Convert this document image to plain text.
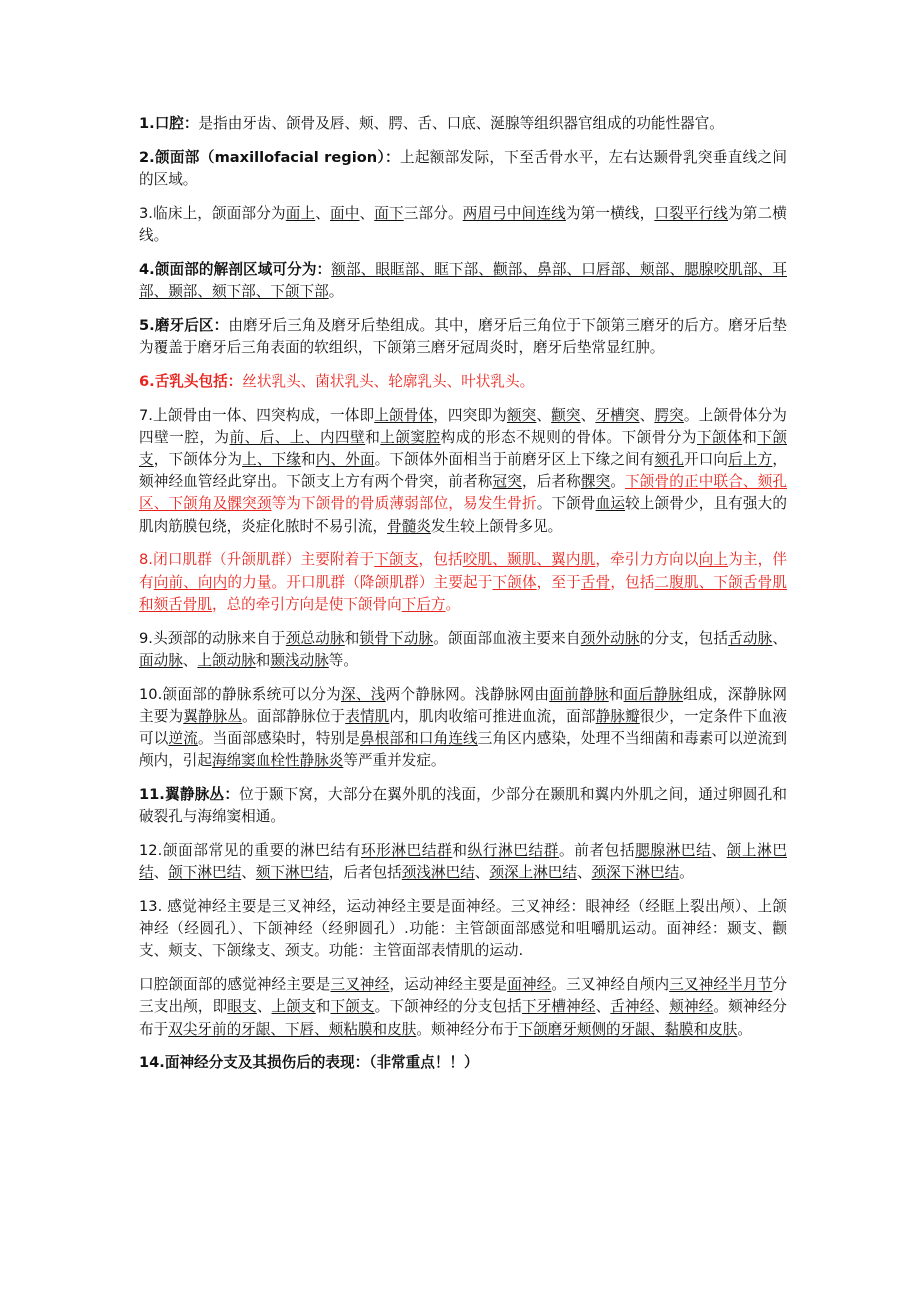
1.口腔：是指由牙齿、颌骨及唇、颊、腭、舌、口底、涎腺等组织器官组成的功能性器官。

2.颌面部（maxillofacial region）：上起额部发际，下至舌骨水平，左右达颞骨乳突垂直线之间的区域。

3.临床上，颌面部分为面上、面中、面下三部分。两眉弓中间连线为第一横线，口裂平行线为第二横线。

4.颌面部的解剖区域可分为：额部、眼眶部、眶下部、颧部、鼻部、口唇部、颊部、腮腺咬肌部、耳部、颞部、颏下部、下颌下部。

5.磨牙后区：由磨牙后三角及磨牙后垫组成。其中，磨牙后三角位于下颌第三磨牙的后方。磨牙后垫为覆盖于磨牙后三角表面的软组织，下颌第三磨牙冠周炎时，磨牙后垫常显红肿。

6.舌乳头包括：丝状乳头、菌状乳头、轮廓乳头、叶状乳头。

7.上颌骨由一体、四突构成，一体即上颌骨体，四突即为额突、颧突、牙槽突、腭突。上颌骨体分为四壁一腔，为前、后、上、内四壁和上颌窦腔构成的形态不规则的骨体。下颌骨分为下颌体和下颌支，下颌体分为上、下缘和内、外面。下颌体外面相当于前磨牙区上下缘之间有颏孔开口向后上方，颏神经血管经此穿出。下颌支上方有两个骨突，前者称冠突，后者称髁突。下颌骨的正中联合、颏孔区、下颌角及髁突颈等为下颌骨的骨质薄弱部位，易发生骨折。下颌骨血运较上颌骨少，且有强大的肌肉筋膜包绕，炎症化脓时不易引流，骨髓炎发生较上颌骨多见。

8.闭口肌群（升颌肌群）主要附着于下颌支，包括咬肌、颞肌、翼内肌，牵引力方向以向上为主，伴有向前、向内的力量。开口肌群（降颌肌群）主要起于下颌体，至于舌骨，包括二腹肌、下颌舌骨肌和颏舌骨肌，总的牵引方向是使下颌骨向下后方。

9.头颈部的动脉来自于颈总动脉和锁骨下动脉。颌面部血液主要来自颈外动脉的分支，包括舌动脉、面动脉、上颌动脉和颞浅动脉等。

10.颌面部的静脉系统可以分为深、浅两个静脉网。浅静脉网由面前静脉和面后静脉组成，深静脉网主要为翼静脉丛。面部静脉位于表情肌内，肌肉收缩可推进血流，面部静脉瓣很少，一定条件下血液可以逆流。当面部感染时，特别是鼻根部和口角连线三角区内感染，处理不当细菌和毒素可以逆流到颅内，引起海绵窦血栓性静脉炎等严重并发症。

11.翼静脉丛：位于颞下窝，大部分在翼外肌的浅面，少部分在颞肌和翼内外肌之间，通过卵圆孔和破裂孔与海绵窦相通。

12.颌面部常见的重要的淋巴结有环形淋巴结群和纵行淋巴结群。前者包括腮腺淋巴结、颌上淋巴结、颌下淋巴结、颏下淋巴结，后者包括颈浅淋巴结、颈深上淋巴结、颈深下淋巴结。

13. 感觉神经主要是三叉神经，运动神经主要是面神经。三叉神经：眼神经（经眶上裂出颅）、上颌神经（经圆孔）、下颌神经（经卵圆孔）.功能：主管颌面部感觉和咀嚼肌运动。面神经：颞支、颧支、颊支、下颌缘支、颈支。功能：主管面部表情肌的运动.

口腔颌面部的感觉神经主要是三叉神经，运动神经主要是面神经。三叉神经自颅内三叉神经半月节分三支出颅，即眼支、上颌支和下颌支。下颌神经的分支包括下牙槽神经、舌神经、颊神经。颏神经分布于双尖牙前的牙龈、下唇、颊粘膜和皮肤。颊神经分布于下颌磨牙颊侧的牙龈、黏膜和皮肤。

14.面神经分支及其损伤后的表现：（非常重点！！）
